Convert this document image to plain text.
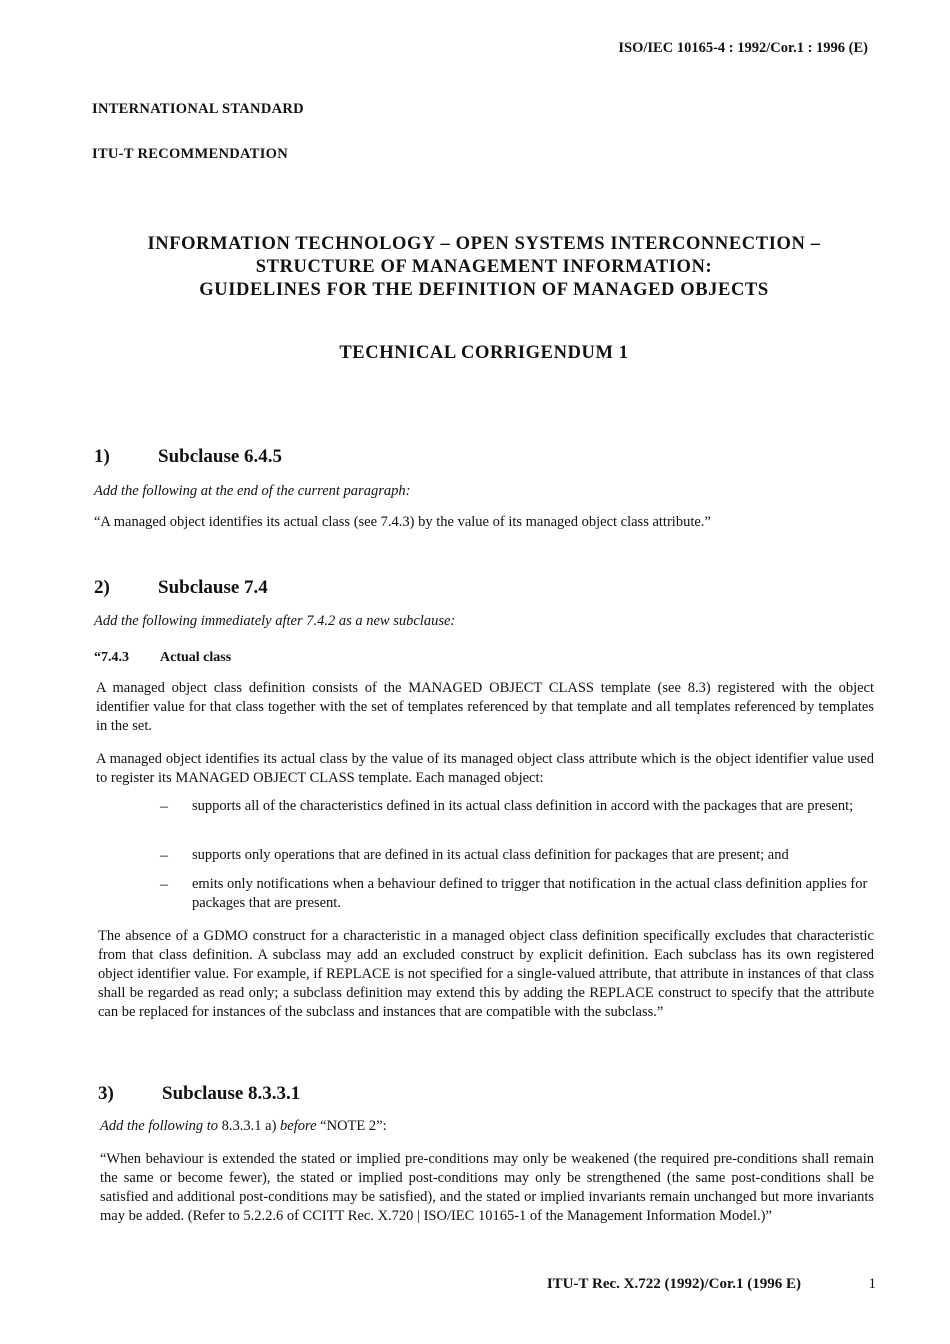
ISO/IEC 10165-4 : 1992/Cor.1 : 1996 (E)
INTERNATIONAL STANDARD
ITU-T RECOMMENDATION
INFORMATION TECHNOLOGY – OPEN SYSTEMS INTERCONNECTION –
STRUCTURE OF MANAGEMENT INFORMATION:
GUIDELINES FOR THE DEFINITION OF MANAGED OBJECTS
TECHNICAL CORRIGENDUM 1
1)	Subclause 6.4.5
Add the following at the end of the current paragraph:
“A managed object identifies its actual class (see 7.4.3) by the value of its managed object class attribute.”
2)	Subclause 7.4
Add the following immediately after 7.4.2 as a new subclause:
“7.4.3 Actual class
A managed object class definition consists of the MANAGED OBJECT CLASS template (see 8.3) registered with the object identifier value for that class together with the set of templates referenced by that template and all templates referenced by templates in the set.
A managed object identifies its actual class by the value of its managed object class attribute which is the object identifier value used to register its MANAGED OBJECT CLASS template. Each managed object:
– supports all of the characteristics defined in its actual class definition in accord with the packages that are present;
– supports only operations that are defined in its actual class definition for packages that are present; and
– emits only notifications when a behaviour defined to trigger that notification in the actual class definition applies for packages that are present.
The absence of a GDMO construct for a characteristic in a managed object class definition specifically excludes that characteristic from that class definition. A subclass may add an excluded construct by explicit definition. Each subclass has its own registered object identifier value. For example, if REPLACE is not specified for a single-valued attribute, that attribute in instances of that class shall be regarded as read only; a subclass definition may extend this by adding the REPLACE construct to specify that the attribute can be replaced for instances of the subclass and instances that are compatible with the subclass.”
3)	Subclause 8.3.3.1
Add the following to 8.3.3.1 a) before “NOTE 2”:
“When behaviour is extended the stated or implied pre-conditions may only be weakened (the required pre-conditions shall remain the same or become fewer), the stated or implied post-conditions may only be strengthened (the same post-conditions shall be satisfied and additional post-conditions may be satisfied), and the stated or implied invariants remain unchanged but more invariants may be added. (Refer to 5.2.2.6 of CCITT Rec. X.720 | ISO/IEC 10165-1 of the Management Information Model.)”
ITU-T Rec. X.722 (1992)/Cor.1 (1996 E)	1
